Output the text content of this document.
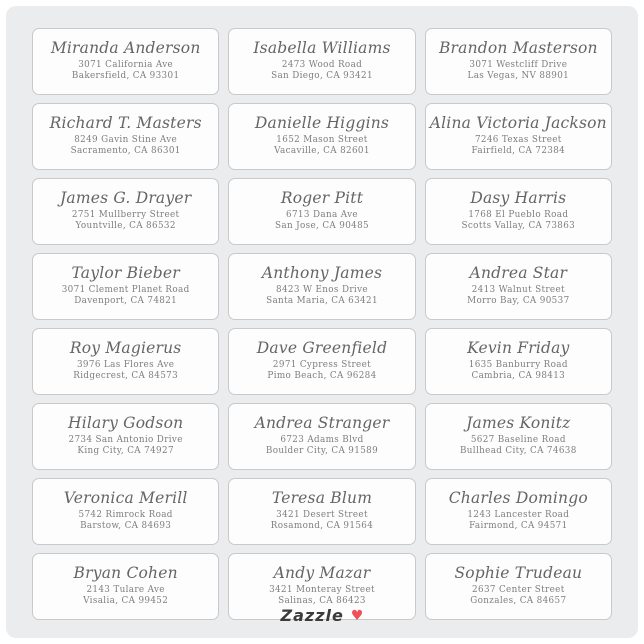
Miranda Anderson
3071 California Ave
Bakersfield, CA 93301
Isabella Williams
2473 Wood Road
San Diego, CA 93421
Brandon Masterson
3071 Westcliff Drive
Las Vegas, NV 88901
Richard T. Masters
8249 Gavin Stine Ave
Sacramento, CA 86301
Danielle Higgins
1652 Mason Street
Vacaville, CA 82601
Alina Victoria Jackson
7246 Texas Street
Fairfield, CA 72384
James G. Drayer
2751 Mullberry Street
Yountville, CA 86532
Roger Pitt
6713 Dana Ave
San Jose, CA 90485
Dasy Harris
1768 El Pueblo Road
Scotts Vallay, CA 73863
Taylor Bieber
3071 Clement Planet Road
Davenport, CA 74821
Anthony James
8423 W Enos Drive
Santa Maria, CA 63421
Andrea Star
2413 Walnut Street
Morro Bay, CA 90537
Roy Magierus
3976 Las Flores Ave
Ridgecrest, CA 84573
Dave Greenfield
2971 Cypress Street
Pimo Beach, CA 96284
Kevin Friday
1635 Banburry Road
Cambria, CA 98413
Hilary Godson
2734 San Antonio Drive
King City, CA 74927
Andrea Stranger
6723 Adams Blvd
Boulder City, CA 91589
James Konitz
5627 Baseline Road
Bullhead City, CA 74638
Veronica Merill
5742 Rimrock Road
Barstow, CA 84693
Teresa Blum
3421 Desert Street
Rosamond, CA 91564
Charles Domingo
1243 Lancester Road
Fairmond, CA 94571
Bryan Cohen
2143 Tulare Ave
Visalia, CA 99452
Andy Mazar
3421 Monteray Street
Salinas, CA 86423
Sophie Trudeau
2637 Center Street
Gonzales, CA 84657
Zazzle ♥
